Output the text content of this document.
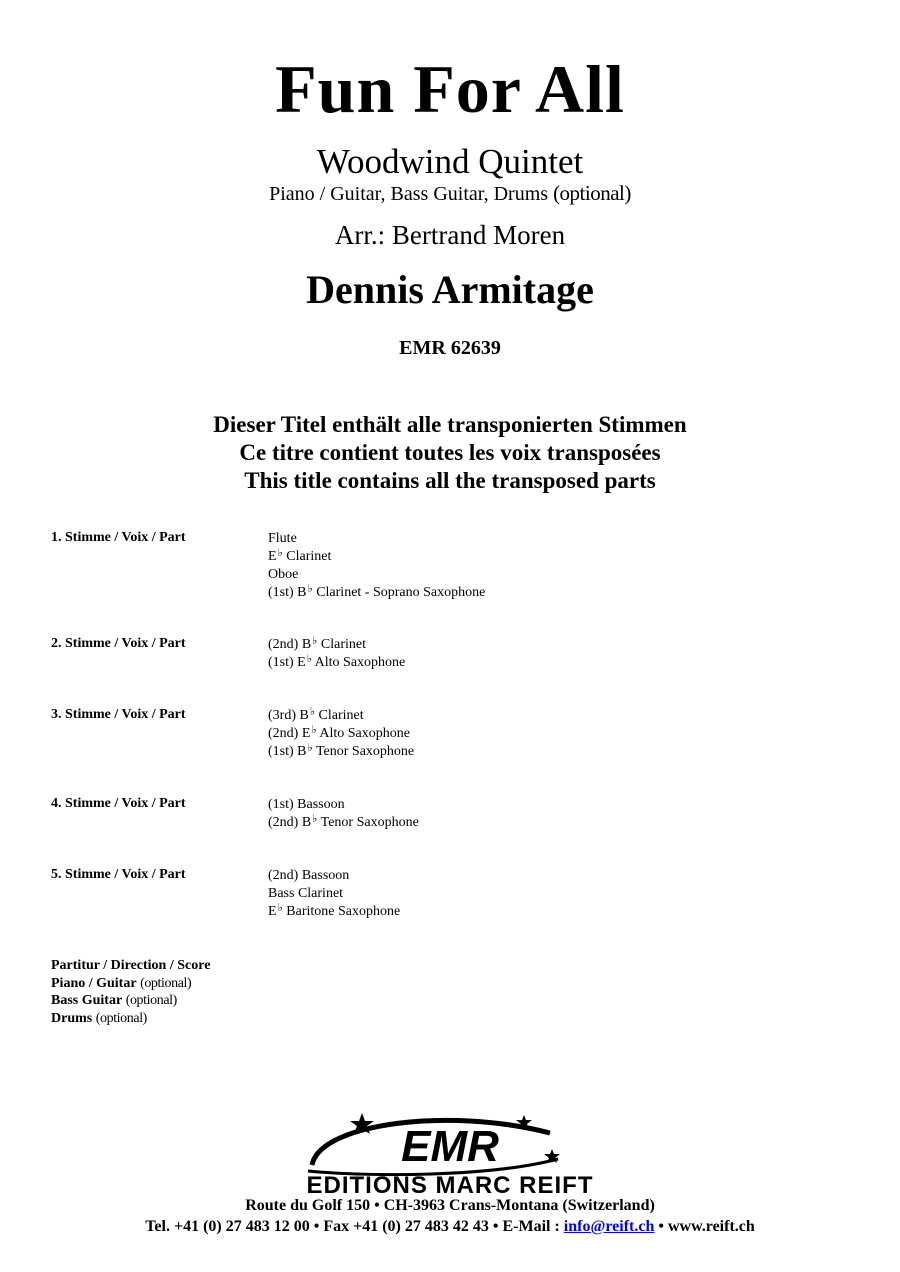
Fun For All
Woodwind Quintet
Piano / Guitar, Bass Guitar, Drums (optional)
Arr.: Bertrand Moren
Dennis Armitage
EMR 62639
Dieser Titel enthält alle transponierten Stimmen
Ce titre contient toutes les voix transposées
This title contains all the transposed parts
1. Stimme / Voix / Part	Flute
E♭ Clarinet
Oboe
(1st) B♭ Clarinet - Soprano Saxophone
2. Stimme / Voix / Part	(2nd) B♭ Clarinet
(1st) E♭ Alto Saxophone
3. Stimme / Voix / Part	(3rd) B♭ Clarinet
(2nd) E♭ Alto Saxophone
(1st) B♭ Tenor Saxophone
4. Stimme / Voix / Part	(1st) Bassoon
(2nd) B♭ Tenor Saxophone
5. Stimme / Voix / Part	(2nd) Bassoon
Bass Clarinet
E♭ Baritone Saxophone
Partitur / Direction / Score
Piano / Guitar (optional)
Bass Guitar (optional)
Drums (optional)
EMR
EDITIONS MARC REIFT
Route du Golf 150 • CH-3963 Crans-Montana (Switzerland)
Tel. +41 (0) 27 483 12 00 • Fax +41 (0) 27 483 42 43 • E-Mail : info@reift.ch • www.reift.ch
